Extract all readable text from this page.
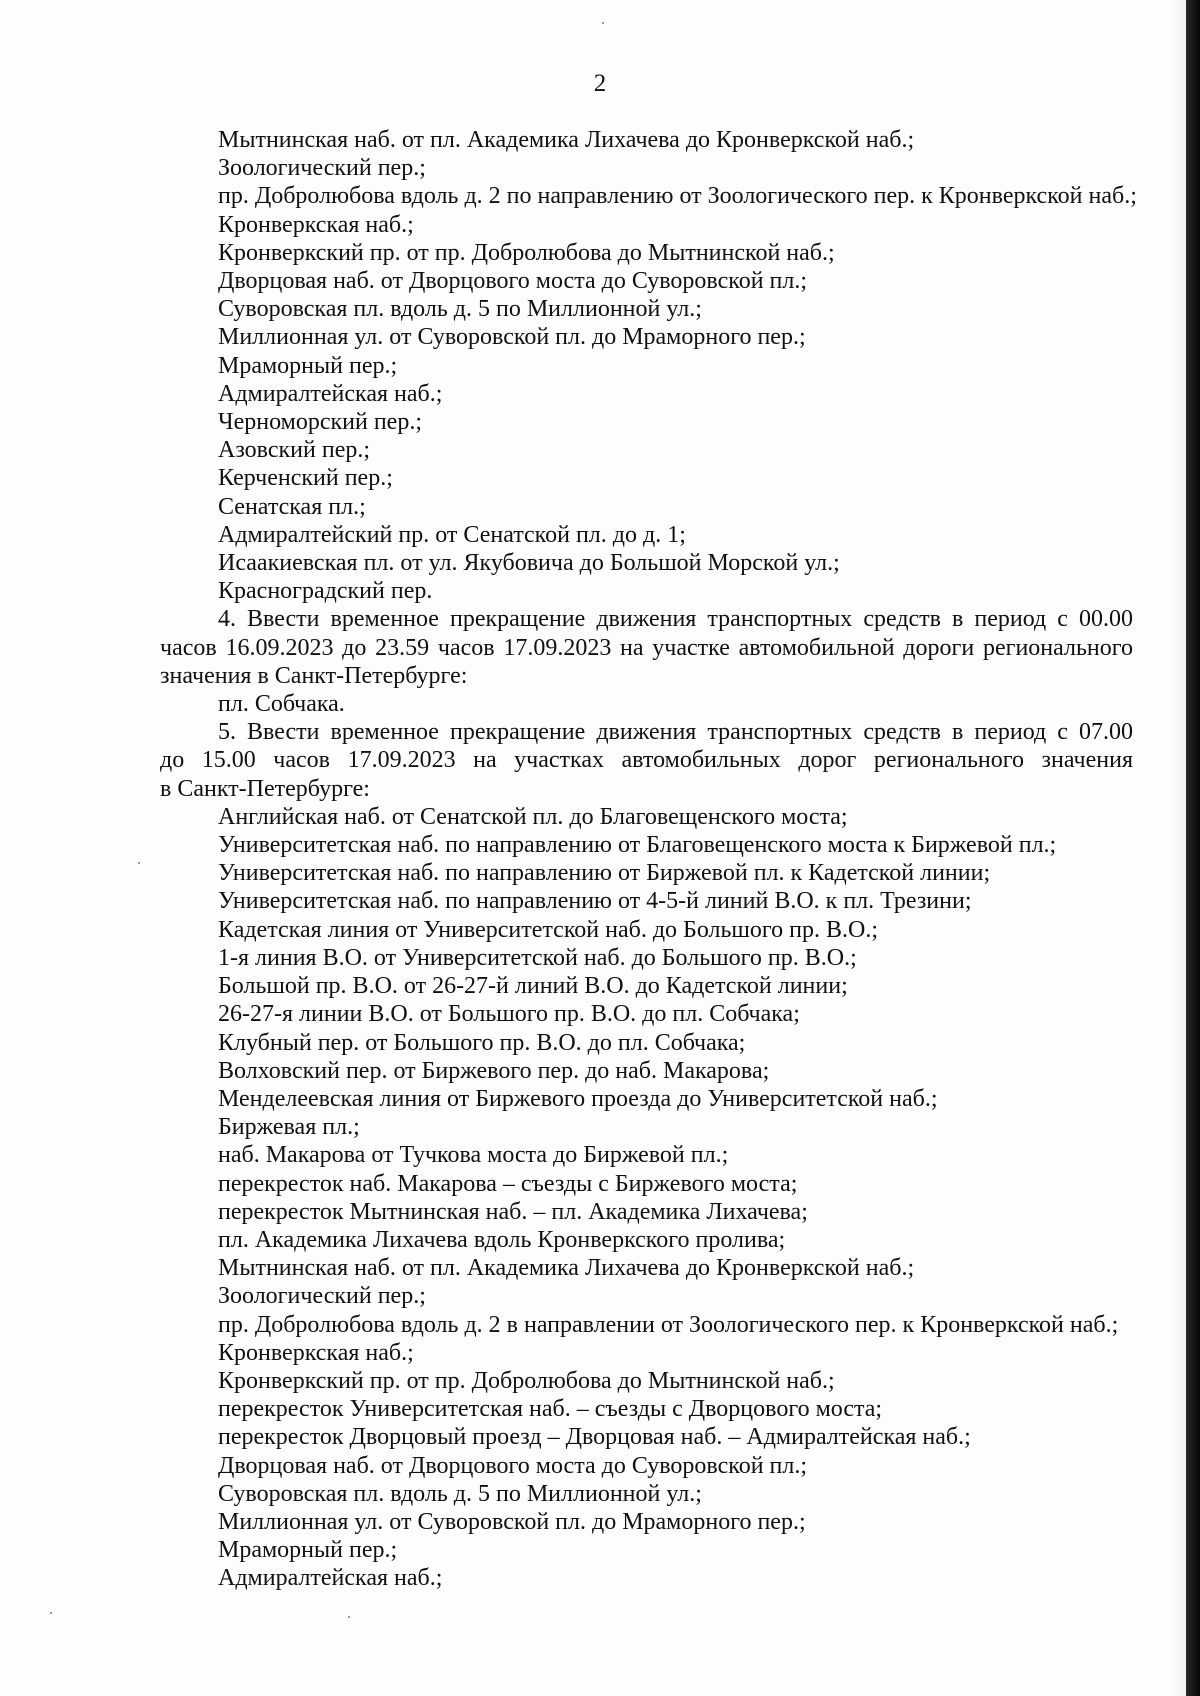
2
Мытнинская наб. от пл. Академика Лихачева до Кронверкской наб.;
Зоологический пер.;
пр. Добролюбова вдоль д. 2 по направлению от Зоологического пер. к Кронверкской наб.;
Кронверкская наб.;
Кронверкский пр. от пр. Добролюбова до Мытнинской наб.;
Дворцовая наб. от Дворцового моста до Суворовской пл.;
Суворовская пл. вдоль д. 5 по Миллионной ул.;
Миллионная ул. от Суворовской пл. до Мраморного пер.;
Мраморный пер.;
Адмиралтейская наб.;
Черноморский пер.;
Азовский пер.;
Керченский пер.;
Сенатская пл.;
Адмиралтейский пр. от Сенатской пл. до д. 1;
Исаакиевская пл. от ул. Якубовича до Большой Морской ул.;
Красноградский пер.
4. Ввести временное прекращение движения транспортных средств в период с 00.00
часов 16.09.2023 до 23.59 часов 17.09.2023 на участке автомобильной дороги регионального
значения в Санкт-Петербурге:
пл. Собчака.
5. Ввести временное прекращение движения транспортных средств в период с 07.00
до 15.00 часов 17.09.2023 на участках автомобильных дорог регионального значения
в Санкт-Петербурге:
Английская наб. от Сенатской пл. до Благовещенского моста;
Университетская наб. по направлению от Благовещенского моста к Биржевой пл.;
Университетская наб. по направлению от Биржевой пл. к Кадетской линии;
Университетская наб. по направлению от 4-5-й линий В.О. к пл. Трезини;
Кадетская линия от Университетской наб. до Большого пр. В.О.;
1-я линия В.О. от Университетской наб. до Большого пр. В.О.;
Большой пр. В.О. от 26-27-й линий В.О. до Кадетской линии;
26-27-я линии В.О. от Большого пр. В.О. до пл. Собчака;
Клубный пер. от Большого пр. В.О. до пл. Собчака;
Волховский пер. от Биржевого пер. до наб. Макарова;
Менделеевская линия от Биржевого проезда до Университетской наб.;
Биржевая пл.;
наб. Макарова от Тучкова моста до Биржевой пл.;
перекресток наб. Макарова – съезды с Биржевого моста;
перекресток Мытнинская наб. – пл. Академика Лихачева;
пл. Академика Лихачева вдоль Кронверкского пролива;
Мытнинская наб. от пл. Академика Лихачева до Кронверкской наб.;
Зоологический пер.;
пр. Добролюбова вдоль д. 2 в направлении от Зоологического пер. к Кронверкской наб.;
Кронверкская наб.;
Кронверкский пр. от пр. Добролюбова до Мытнинской наб.;
перекресток Университетская наб. – съезды с Дворцового моста;
перекресток Дворцовый проезд – Дворцовая наб. – Адмиралтейская наб.;
Дворцовая наб. от Дворцового моста до Суворовской пл.;
Суворовская пл. вдоль д. 5 по Миллионной ул.;
Миллионная ул. от Суворовской пл. до Мраморного пер.;
Мраморный пер.;
Адмиралтейская наб.;
